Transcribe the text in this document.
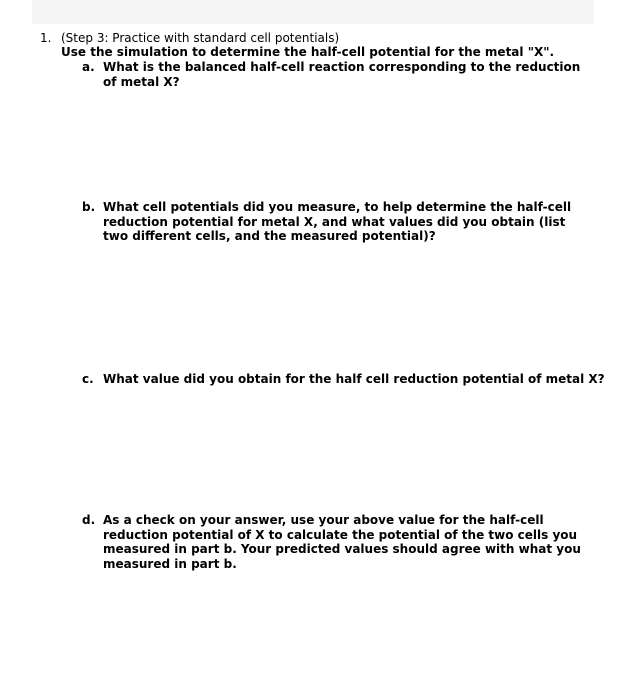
1. (Step 3: Practice with standard cell potentials)
Use the simulation to determine the half-cell potential for the metal "X".
a. What is the balanced half-cell reaction corresponding to the reduction of metal X?
b. What cell potentials did you measure, to help determine the half-cell reduction potential for metal X, and what values did you obtain (list two different cells, and the measured potential)?
c. What value did you obtain for the half cell reduction potential of metal X?
d. As a check on your answer, use your above value for the half-cell reduction potential of X to calculate the potential of the two cells you measured in part b. Your predicted values should agree with what you measured in part b.
